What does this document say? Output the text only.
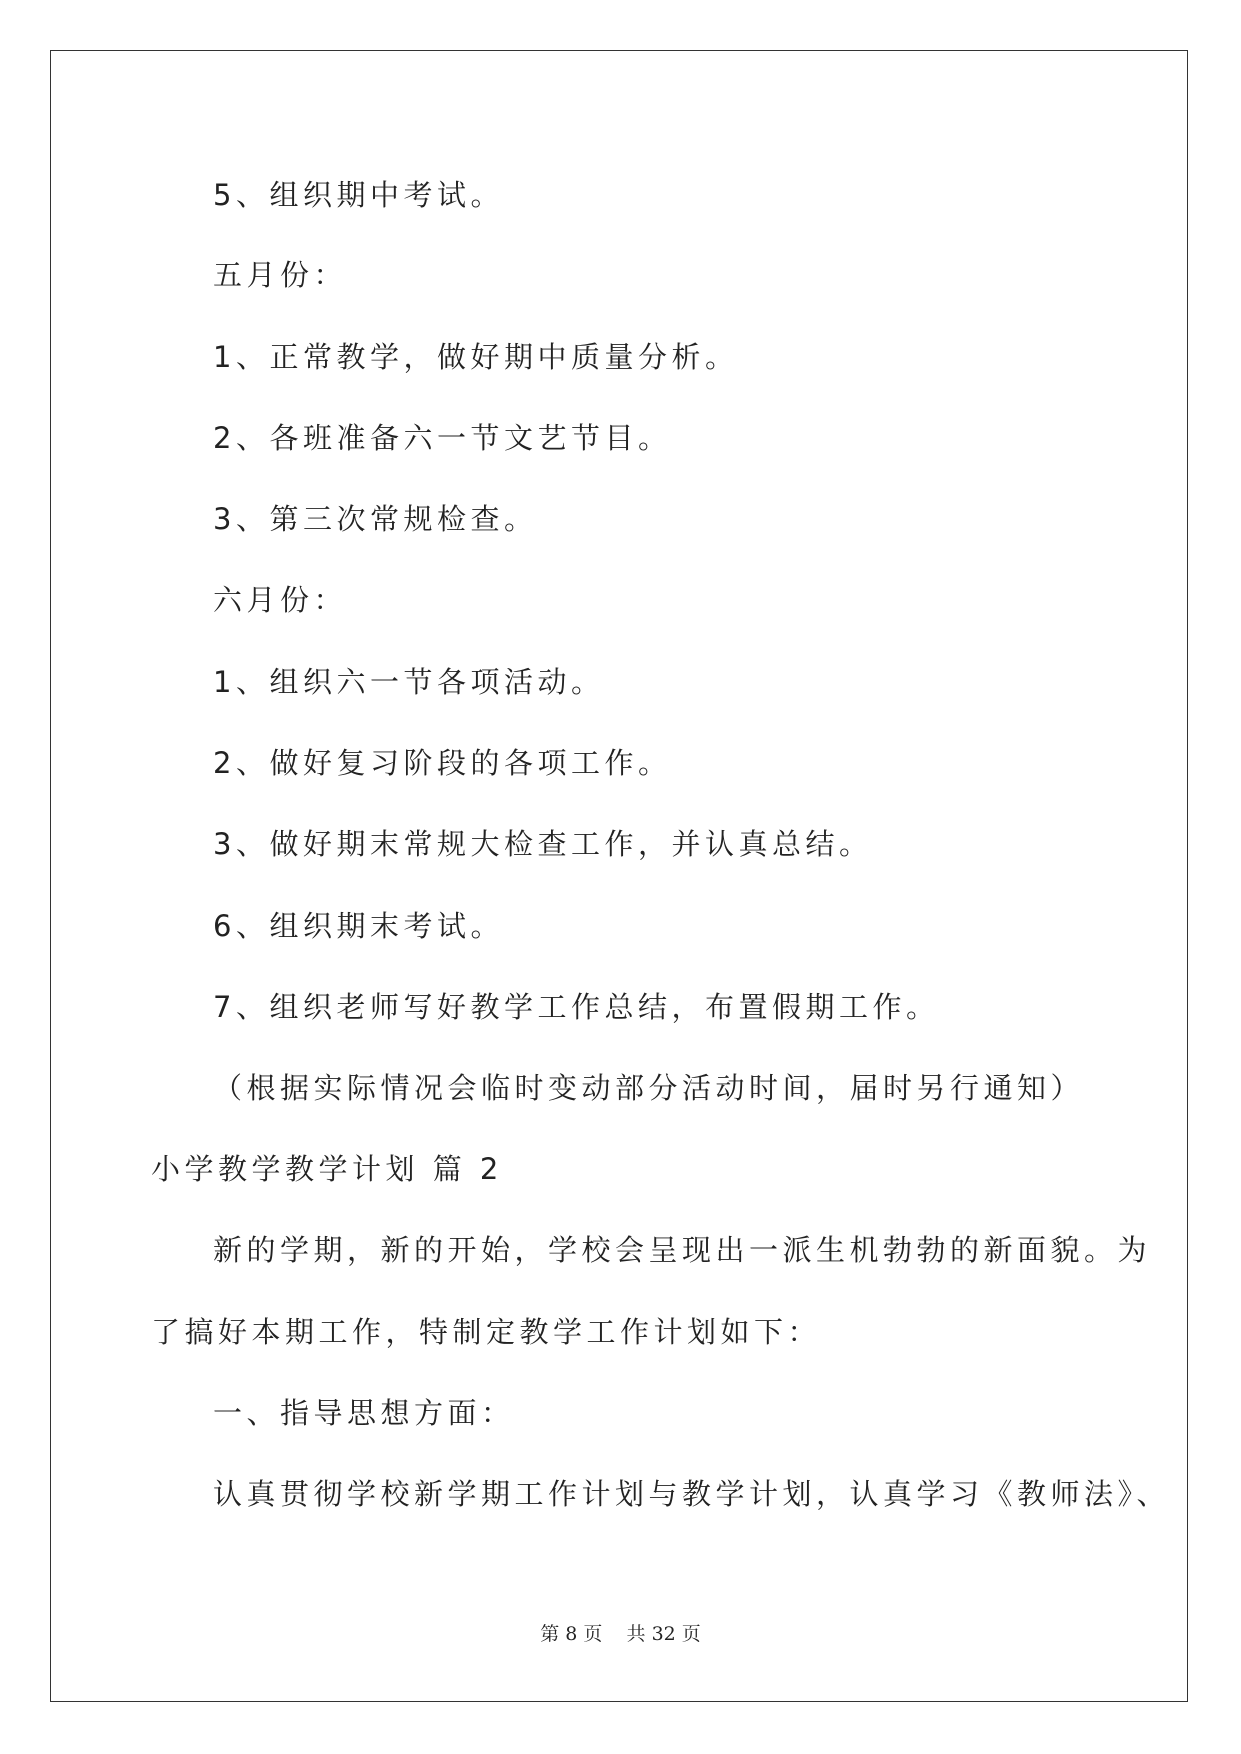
5、组织期中考试。
五月份：
1、正常教学，做好期中质量分析。
2、各班准备六一节文艺节目。
3、第三次常规检查。
六月份：
1、组织六一节各项活动。
2、做好复习阶段的各项工作。
3、做好期末常规大检查工作，并认真总结。
6、组织期末考试。
7、组织老师写好教学工作总结，布置假期工作。
（根据实际情况会临时变动部分活动时间，届时另行通知）
小学教学教学计划 篇 2
新的学期，新的开始，学校会呈现出一派生机勃勃的新面貌。为
了搞好本期工作，特制定教学工作计划如下：
一、指导思想方面：
认真贯彻学校新学期工作计划与教学计划，认真学习《教师法》、
第 8 页    共 32 页
